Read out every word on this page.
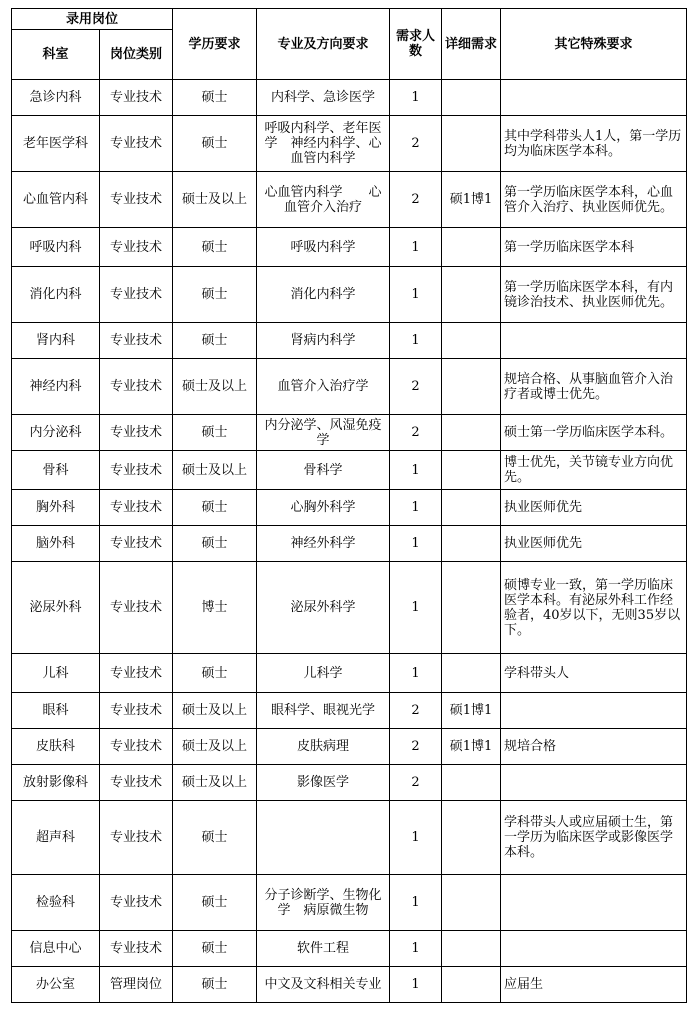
录用岗位		学历要求	专业及方向要求	需求人数	详细需求	其它特殊要求
科室	岗位类别					
急诊内科	专业技术	硕士	内科学、急诊医学	1		
老年医学科	专业技术	硕士	呼吸内科学、老年医学　神经内科学、心血管内科学	2		其中学科带头人1人，第一学历均为临床医学本科。
心血管内科	专业技术	硕士及以上	心血管内科学　　心血管介入治疗	2	硕1博1	第一学历临床医学本科，心血管介入治疗、执业医师优先。
呼吸内科	专业技术	硕士	呼吸内科学	1		第一学历临床医学本科
消化内科	专业技术	硕士	消化内科学	1		第一学历临床医学本科，有内镜诊治技术、执业医师优先。
肾内科	专业技术	硕士	肾病内科学	1		
神经内科	专业技术	硕士及以上	血管介入治疗学	2		规培合格、从事脑血管介入治疗者或博士优先。
内分泌科	专业技术	硕士	内分泌学、风湿免疫学	2		硕士第一学历临床医学本科。
骨科	专业技术	硕士及以上	骨科学	1		博士优先，关节镜专业方向优先。
胸外科	专业技术	硕士	心胸外科学	1		执业医师优先
脑外科	专业技术	硕士	神经外科学	1		执业医师优先
泌尿外科	专业技术	博士	泌尿外科学	1		硕博专业一致，第一学历临床医学本科。有泌尿外科工作经验者，40岁以下，无则35岁以下。
儿科	专业技术	硕士	儿科学	1		学科带头人
眼科	专业技术	硕士及以上	眼科学、眼视光学	2	硕1博1	
皮肤科	专业技术	硕士及以上	皮肤病理	2	硕1博1	规培合格
放射影像科	专业技术	硕士及以上	影像医学	2		
超声科	专业技术	硕士		1		学科带头人或应届硕士生，第一学历为临床医学或影像医学本科。
检验科	专业技术	硕士	分子诊断学、生物化学　病原微生物	1		
信息中心	专业技术	硕士	软件工程	1		
办公室	管理岗位	硕士	中文及文科相关专业	1		应届生
